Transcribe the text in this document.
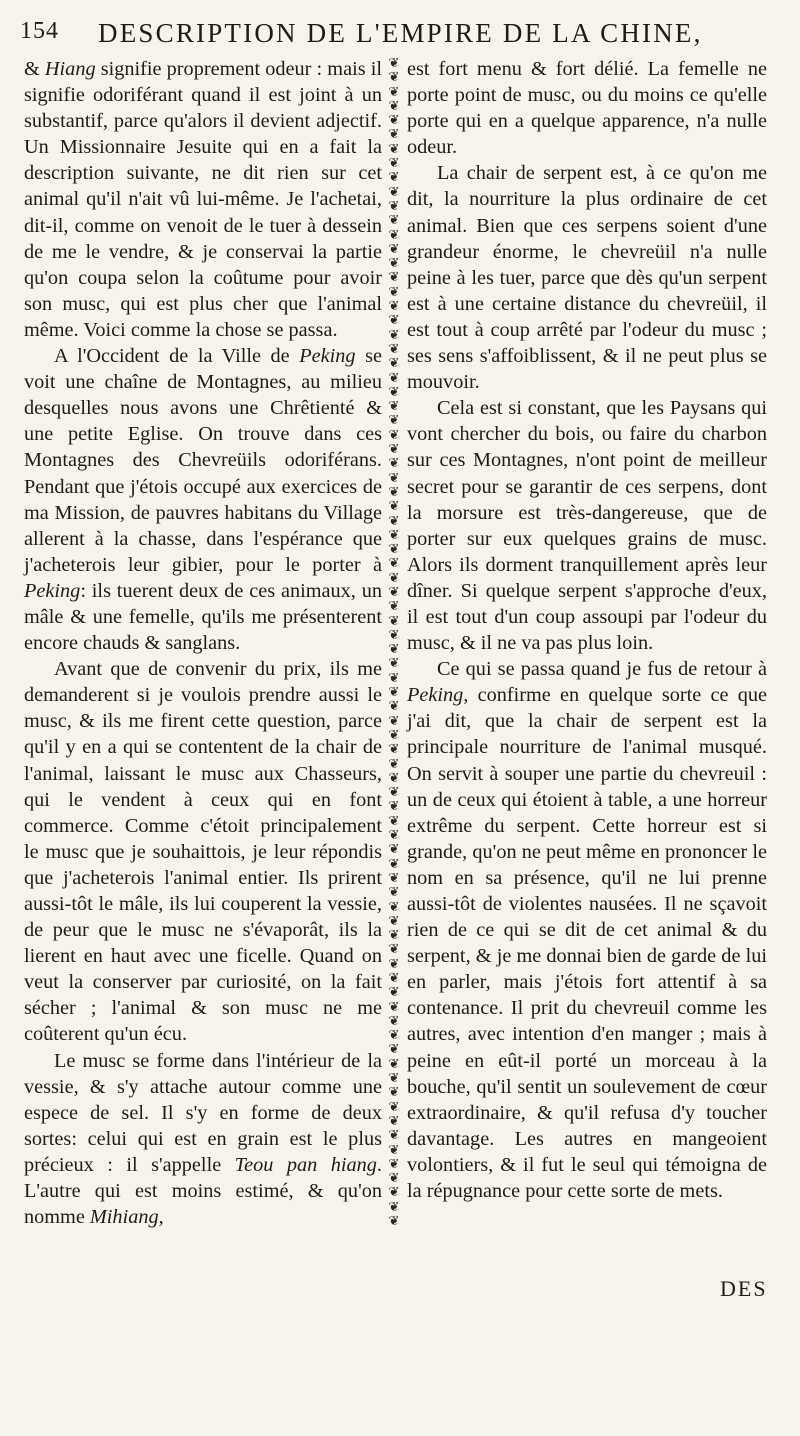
154 DESCRIPTION DE L'EMPIRE DE LA CHINE,

& Hiang signifie proprement odeur : mais il signifie odoriférant quand il est joint à un substantif, parce qu'alors il devient adjectif. Un Missionnaire Jesuite qui en a fait la description suivante, ne dit rien sur cet animal qu'il n'ait vû lui-même. Je l'achetai, dit-il, comme on venoit de le tuer à dessein de me le vendre, & je conservai la partie qu'on coupa selon la coûtume pour avoir son musc, qui est plus cher que l'animal même. Voici comme la chose se passa.

A l'Occident de la Ville de Peking se voit une chaîne de Montagnes, au milieu desquelles nous avons une Chrêtienté & une petite Eglise. On trouve dans ces Montagnes des Chevreüils odoriférans. Pendant que j'étois occupé aux exercices de ma Mission, de pauvres habitans du Village allerent à la chasse, dans l'espérance que j'acheterois leur gibier, pour le porter à Peking: ils tuerent deux de ces animaux, un mâle & une femelle, qu'ils me présenterent encore chauds & sanglans.

Avant que de convenir du prix, ils me demanderent si je voulois prendre aussi le musc, & ils me firent cette question, parce qu'il y en a qui se contentent de la chair de l'animal, laissant le musc aux Chasseurs, qui le vendent à ceux qui en font commerce. Comme c'étoit principalement le musc que je souhaittois, je leur répondis que j'acheterois l'animal entier. Ils prirent aussi-tôt le mâle, ils lui couperent la vessie, de peur que le musc ne s'évaporât, ils la lierent en haut avec une ficelle. Quand on veut la conserver par curiosité, on la fait sécher ; l'animal & son musc ne me coûterent qu'un écu.

Le musc se forme dans l'intérieur de la vessie, & s'y attache autour comme une espece de sel. Il s'y en forme de deux sortes: celui qui est en grain est le plus précieux : il s'appelle Teou pan hiang. L'autre qui est moins estimé, & qu'on nomme Mihiang,

❦
❦
❦
❦
❦
❦
❦
❦
❦
❦
❦
❦
❦
❦
❦
❦
❦
❦
❦
❦
❦
❦
❦
❦
❦
❦
❦
❦
❦
❦
❦
❦
❦
❦
❦
❦
❦
❦
❦
❦
❦
❦
❦
❦
❦
❦
❦
❦
❦
❦
❦
❦
❦
❦
❦
❦
❦
❦
❦
❦
❦
❦
❦
❦
❦
❦
❦
❦
❦
❦
❦
❦
❦
❦
❦
❦
❦
❦
❦
❦
❦
❦

est fort menu & fort délié. La femelle ne porte point de musc, ou du moins ce qu'elle porte qui en a quelque apparence, n'a nulle odeur.

La chair de serpent est, à ce qu'on me dit, la nourriture la plus ordinaire de cet animal. Bien que ces serpens soient d'une grandeur énorme, le chevreüil n'a nulle peine à les tuer, parce que dès qu'un serpent est à une certaine distance du chevreüil, il est tout à coup arrêté par l'odeur du musc ; ses sens s'affoiblissent, & il ne peut plus se mouvoir.

Cela est si constant, que les Paysans qui vont chercher du bois, ou faire du charbon sur ces Montagnes, n'ont point de meilleur secret pour se garantir de ces serpens, dont la morsure est très-dangereuse, que de porter sur eux quelques grains de musc. Alors ils dorment tranquillement après leur dîner. Si quelque serpent s'approche d'eux, il est tout d'un coup assoupi par l'odeur du musc, & il ne va pas plus loin.

Ce qui se passa quand je fus de retour à Peking, confirme en quelque sorte ce que j'ai dit, que la chair de serpent est la principale nourriture de l'animal musqué. On servit à souper une partie du chevreuil : un de ceux qui étoient à table, a une horreur extrême du serpent. Cette horreur est si grande, qu'on ne peut même en prononcer le nom en sa présence, qu'il ne lui prenne aussi-tôt de violentes nausées. Il ne sçavoit rien de ce qui se dit de cet animal & du serpent, & je me donnai bien de garde de lui en parler, mais j'étois fort attentif à sa contenance. Il prit du chevreuil comme les autres, avec intention d'en manger ; mais à peine en eût-il porté un morceau à la bouche, qu'il sentit un soulevement de cœur extraordinaire, & qu'il refusa d'y toucher davantage. Les autres en mangeoient volontiers, & il fut le seul qui témoigna de la répugnance pour cette sorte de mets.

DES
